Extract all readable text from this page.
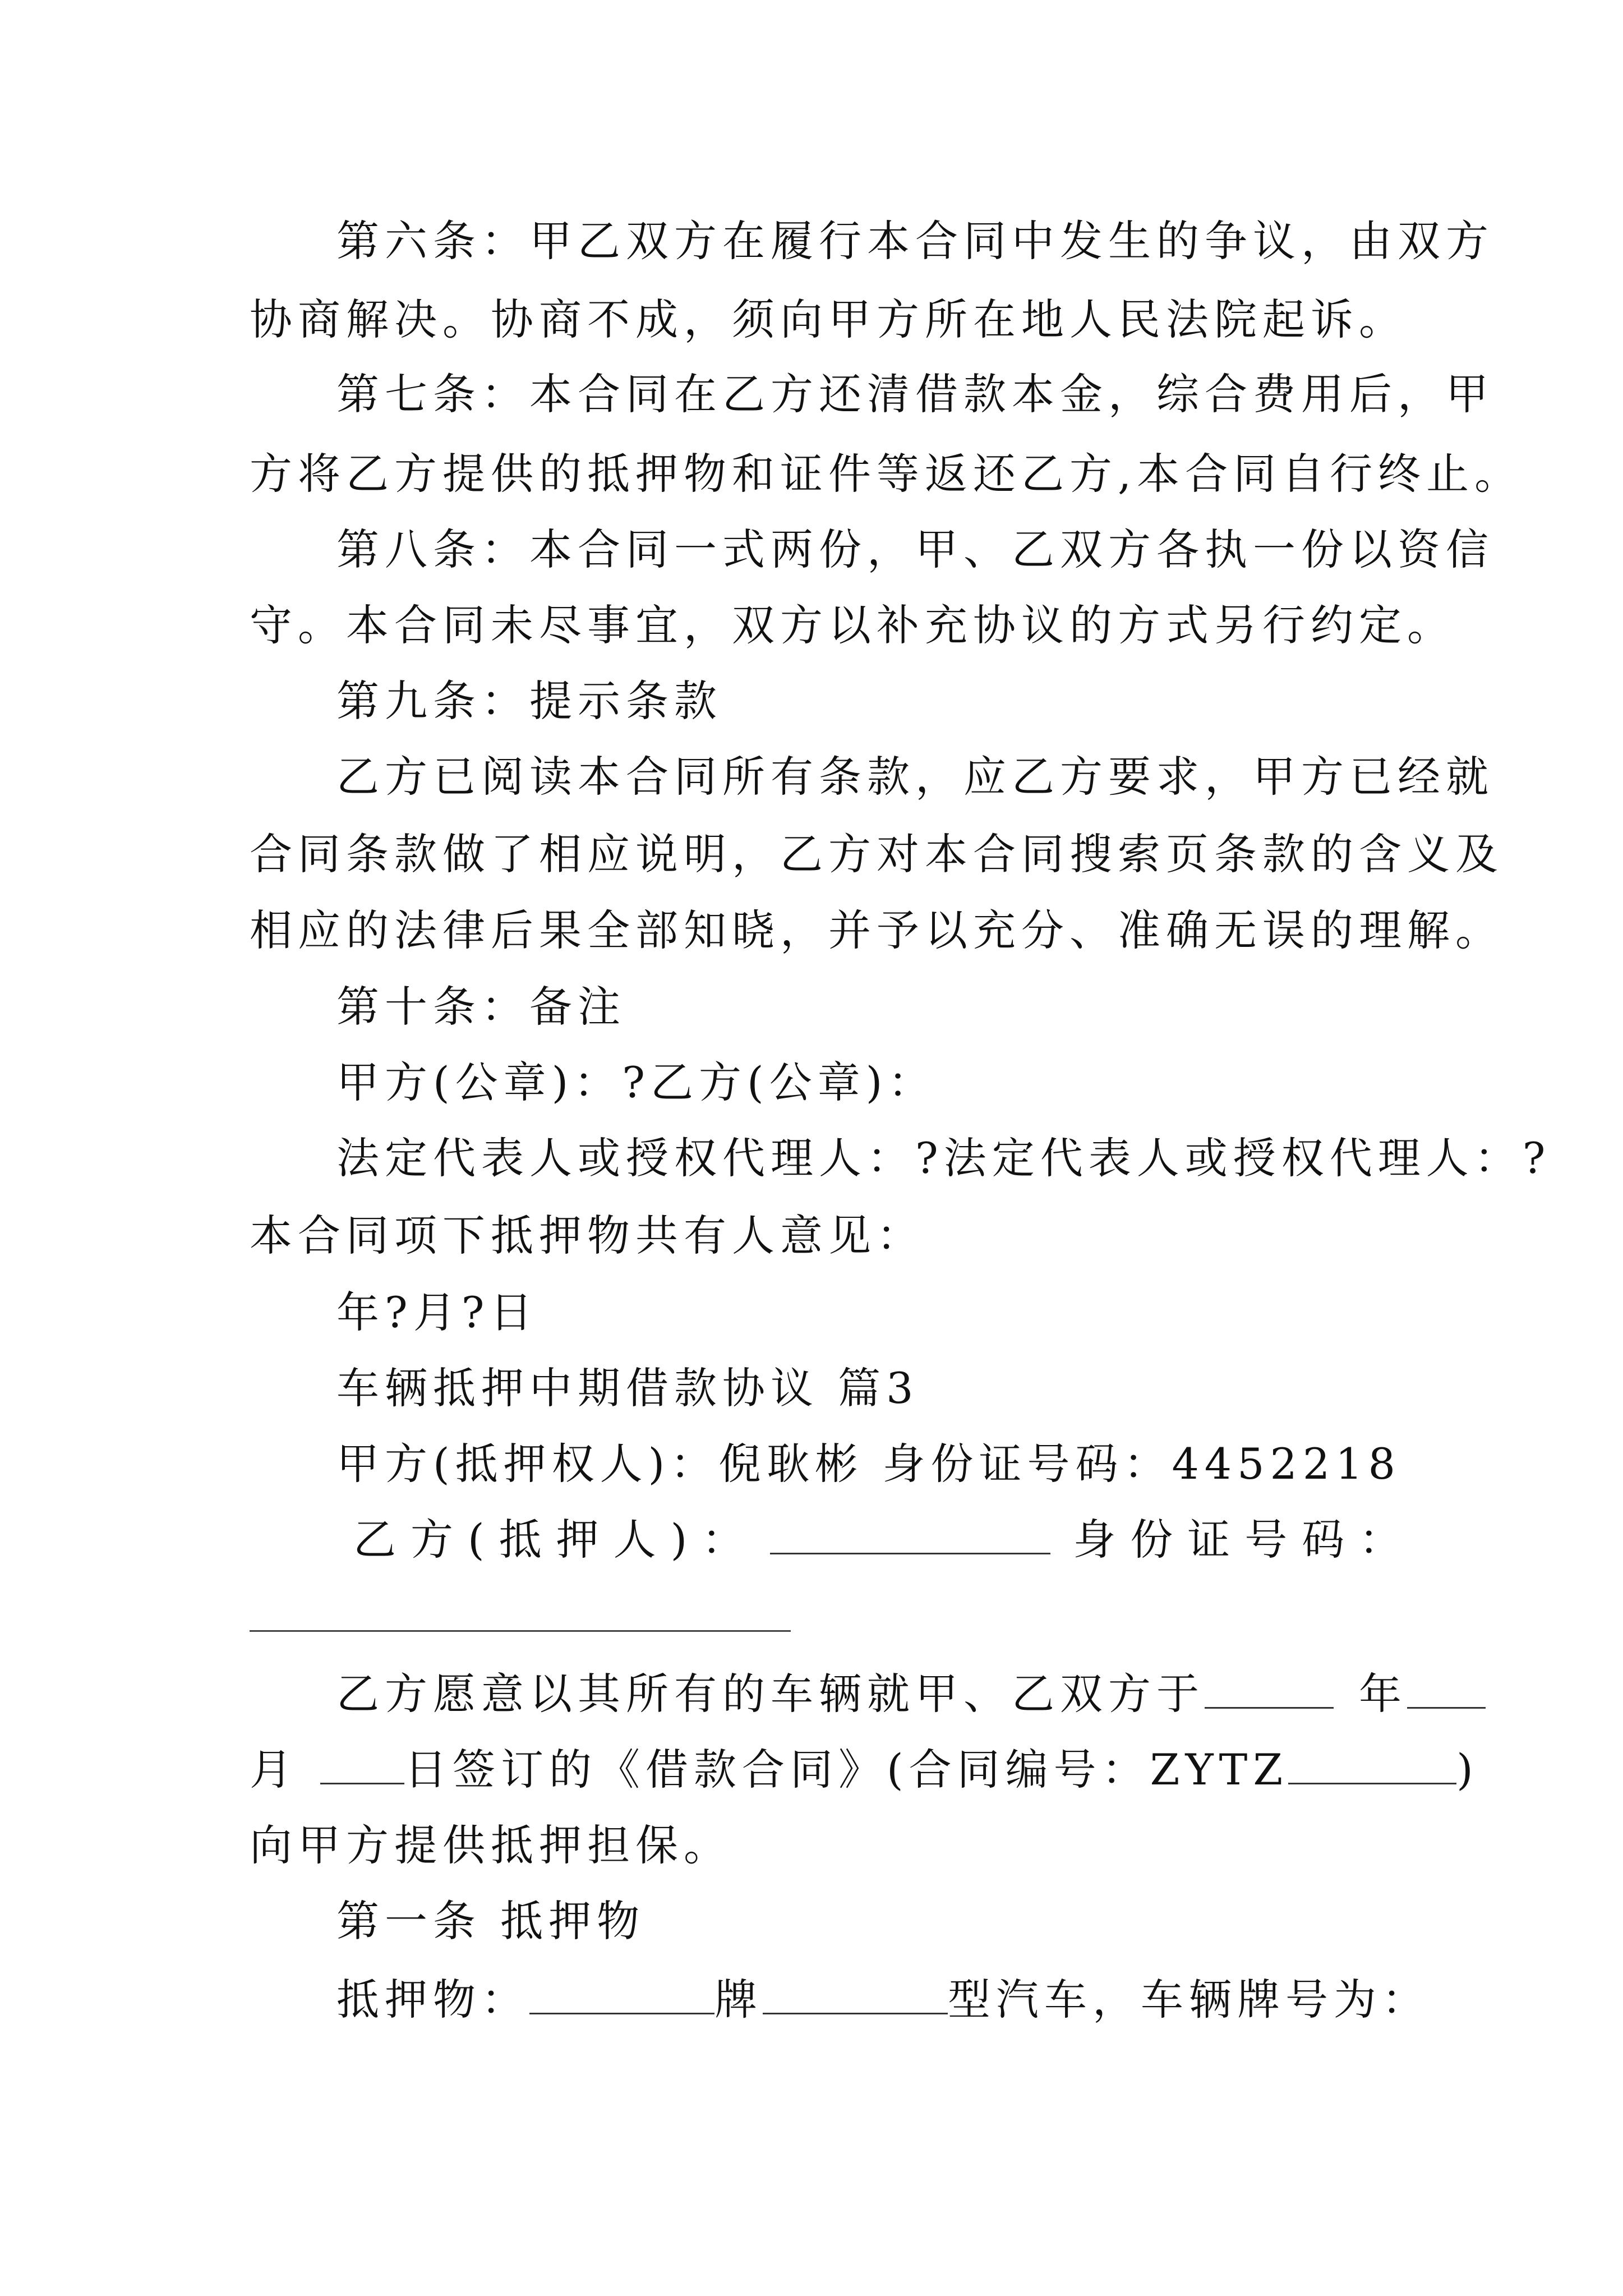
第六条：甲乙双方在履行本合同中发生的争议，由双方

协商解决。协商不成，须向甲方所在地人民法院起诉。

第七条：本合同在乙方还清借款本金，综合费用后，甲

方将乙方提供的抵押物和证件等返还乙方,本合同自行终止。

第八条：本合同一式两份，甲、乙双方各执一份以资信

守。本合同未尽事宜，双方以补充协议的方式另行约定。

第九条：提示条款

乙方已阅读本合同所有条款，应乙方要求，甲方已经就

合同条款做了相应说明，乙方对本合同搜索页条款的含义及

相应的法律后果全部知晓，并予以充分、准确无误的理解。

第十条：备注

甲方(公章)：?乙方(公章)：

法定代表人或授权代理人：?法定代表人或授权代理人：?

本合同项下抵押物共有人意见：

年?月?日

车辆抵押中期借款协议 篇3

甲方(抵押权人)：倪耿彬 身份证号码：4452218

乙方(抵押人)：	身份证号码：

乙方愿意以其所有的车辆就甲、乙双方于	年

月	日签订的《借款合同》(合同编号：ZYTZ	)

向甲方提供抵押担保。

第一条 抵押物

抵押物：	牌	型汽车，车辆牌号为：
